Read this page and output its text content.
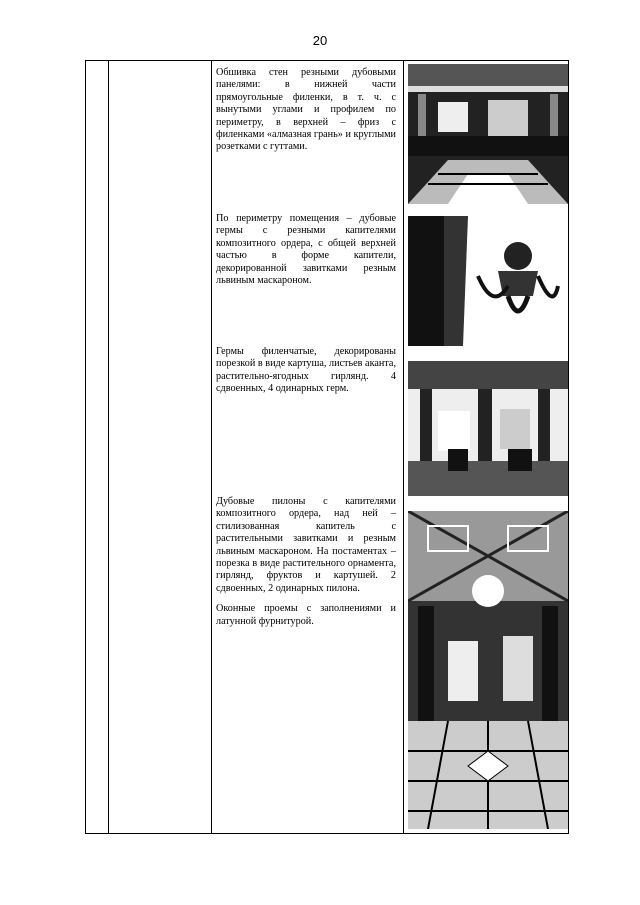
20

Обшивка стен резными дубовыми панелями: в нижней части прямоугольные филенки, в т. ч. с вынутыми углами и профилем по периметру, в верхней – фриз с филенками «алмазная грань» и круглыми розетками с гуттами.

По периметру помещения – дубовые гермы с резными капителями композитного ордера, с общей верхней частью в форме капители, декорированной завитками резным львиным маскароном.

Гермы филенчатые, декорированы порезкой в виде картуша, листьев аканта, растительно-ягодных гирлянд. 4 сдвоенных, 4 одинарных герм.

Дубовые пилоны с капителями композитного ордера, над ней – стилизованная капитель с растительными завитками и резным львиным маскароном. На постаментах – порезка в виде растительного орнамента, гирлянд, фруктов и картушей. 2 сдвоенных, 2 одинарных пилона.

Оконные проемы с заполнениями и латунной фурнитурой.
